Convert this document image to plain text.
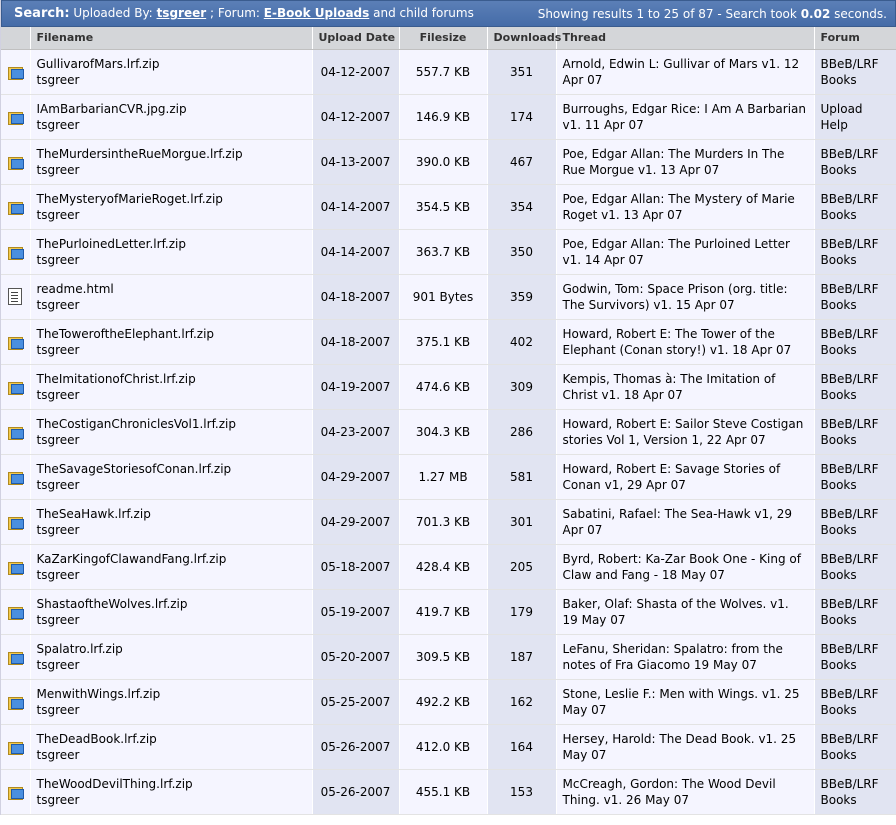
Search: Uploaded By: tsgreer ; Forum: E-Book Uploads and child forums	Showing results 1 to 25 of 87 - Search took 0.02 seconds.
	Filename	Upload Date	Filesize	Downloads	Thread	Forum

	GullivarofMars.lrf.zip
tsgreer	04-12-2007	557.7 KB	351	Arnold, Edwin L: Gullivar of Mars v1. 12 Apr 07	BBeB/LRF Books

	IAmBarbarianCVR.jpg.zip
tsgreer	04-12-2007	146.9 KB	174	Burroughs, Edgar Rice: I Am A Barbarian v1. 11 Apr 07	Upload Help

	TheMurdersintheRueMorgue.lrf.zip
tsgreer	04-13-2007	390.0 KB	467	Poe, Edgar Allan: The Murders In The Rue Morgue v1. 13 Apr 07	BBeB/LRF Books

	TheMysteryofMarieRoget.lrf.zip
tsgreer	04-14-2007	354.5 KB	354	Poe, Edgar Allan: The Mystery of Marie Roget v1. 13 Apr 07	BBeB/LRF Books

	ThePurloinedLetter.lrf.zip
tsgreer	04-14-2007	363.7 KB	350	Poe, Edgar Allan: The Purloined Letter v1. 14 Apr 07	BBeB/LRF Books

	readme.html
tsgreer	04-18-2007	901 Bytes	359	Godwin, Tom: Space Prison (org. title: The Survivors) v1. 15 Apr 07	BBeB/LRF Books

	TheToweroftheElephant.lrf.zip
tsgreer	04-18-2007	375.1 KB	402	Howard, Robert E: The Tower of the Elephant (Conan story!) v1. 18 Apr 07	BBeB/LRF Books

	TheImitationofChrist.lrf.zip
tsgreer	04-19-2007	474.6 KB	309	Kempis, Thomas à: The Imitation of Christ v1. 18 Apr 07	BBeB/LRF Books

	TheCostiganChroniclesVol1.lrf.zip
tsgreer	04-23-2007	304.3 KB	286	Howard, Robert E: Sailor Steve Costigan stories Vol 1, Version 1, 22 Apr 07	BBeB/LRF Books

	TheSavageStoriesofConan.lrf.zip
tsgreer	04-29-2007	1.27 MB	581	Howard, Robert E: Savage Stories of Conan v1, 29 Apr 07	BBeB/LRF Books

	TheSeaHawk.lrf.zip
tsgreer	04-29-2007	701.3 KB	301	Sabatini, Rafael: The Sea-Hawk v1, 29 Apr 07	BBeB/LRF Books

	KaZarKingofClawandFang.lrf.zip
tsgreer	05-18-2007	428.4 KB	205	Byrd, Robert: Ka-Zar Book One - King of Claw and Fang - 18 May 07	BBeB/LRF Books

	ShastaoftheWolves.lrf.zip
tsgreer	05-19-2007	419.7 KB	179	Baker, Olaf: Shasta of the Wolves. v1. 19 May 07	BBeB/LRF Books

	Spalatro.lrf.zip
tsgreer	05-20-2007	309.5 KB	187	LeFanu, Sheridan: Spalatro: from the notes of Fra Giacomo 19 May 07	BBeB/LRF Books

	MenwithWings.lrf.zip
tsgreer	05-25-2007	492.2 KB	162	Stone, Leslie F.: Men with Wings. v1. 25 May 07	BBeB/LRF Books

	TheDeadBook.lrf.zip
tsgreer	05-26-2007	412.0 KB	164	Hersey, Harold: The Dead Book. v1. 25 May 07	BBeB/LRF Books

	TheWoodDevilThing.lrf.zip
tsgreer	05-26-2007	455.1 KB	153	McCreagh, Gordon: The Wood Devil Thing. v1. 26 May 07	BBeB/LRF Books
